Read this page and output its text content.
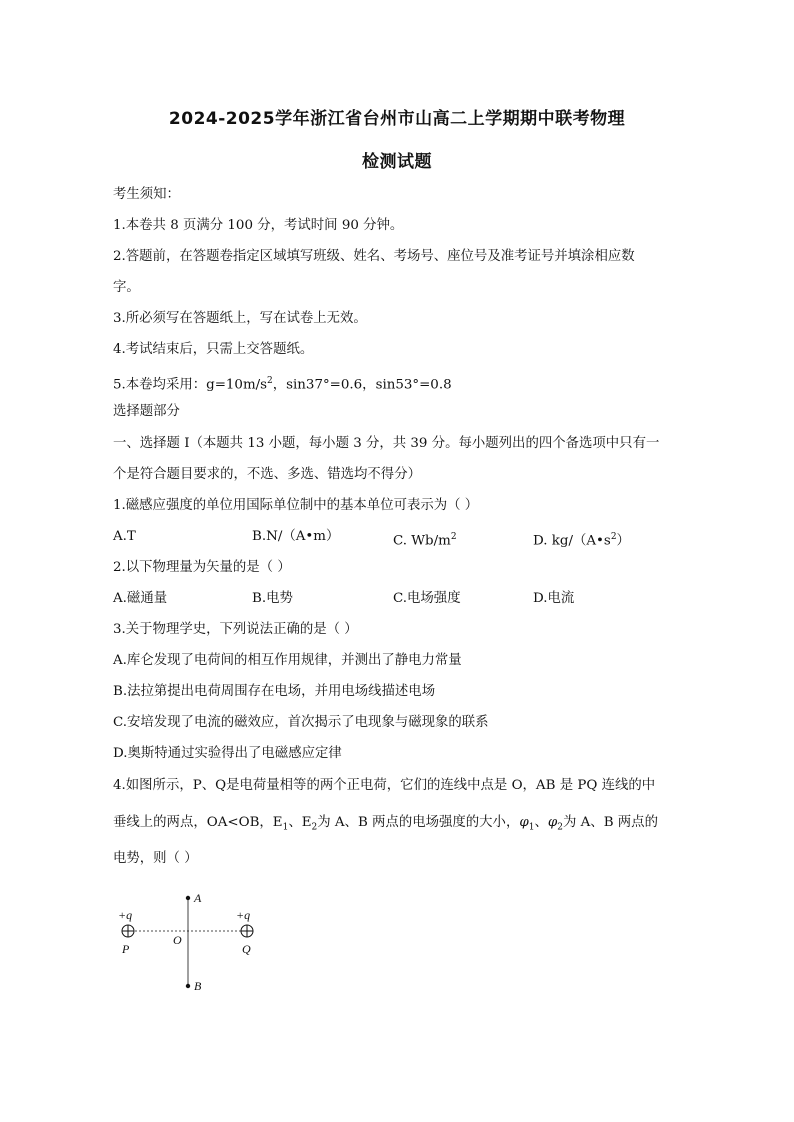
2024-2025学年浙江省台州市山高二上学期期中联考物理
检测试题
考生须知：
1.本卷共 8 页满分 100 分，考试时间 90 分钟。
2.答题前，在答题卷指定区域填写班级、姓名、考场号、座位号及准考证号并填涂相应数
字。
3.所必须写在答题纸上，写在试卷上无效。
4.考试结束后，只需上交答题纸。
5.本卷均采用：$g=10m/s^2$，sin37°=0.6，sin53°=0.8
选择题部分
一、选择题 I（本题共 13 小题，每小题 3 分，共 39 分。每小题列出的四个备选项中只有一
个是符合题目要求的，不选、多选、错选均不得分）
1.磁感应强度的单位用国际单位制中的基本单位可表示为（ ）
A.T	B.N/（A•m）	C. $Wb/m^2$	D. $kg/(A•s^2)$
2.以下物理量为矢量的是（ ）
A.磁通量	B.电势	C.电场强度	D.电流
3.关于物理学史，下列说法正确的是（ ）
A.库仑发现了电荷间的相互作用规律，并测出了静电力常量
B.法拉第提出电荷周围存在电场，并用电场线描述电场
C.安培发现了电流的磁效应，首次揭示了电现象与磁现象的联系
D.奥斯特通过实验得出了电磁感应定律
4.如图所示，P、Q是电荷量相等的两个正电荷，它们的连线中点是 O，AB 是 PQ 连线的中
垂线上的两点，OA<OB，$E_1$、$E_2$为 A、B 两点的电场强度的大小，$\varphi_1$、$\varphi_2$为 A、B 两点的
电势，则（ ）
+q	+q
P	Q
O
A
B
